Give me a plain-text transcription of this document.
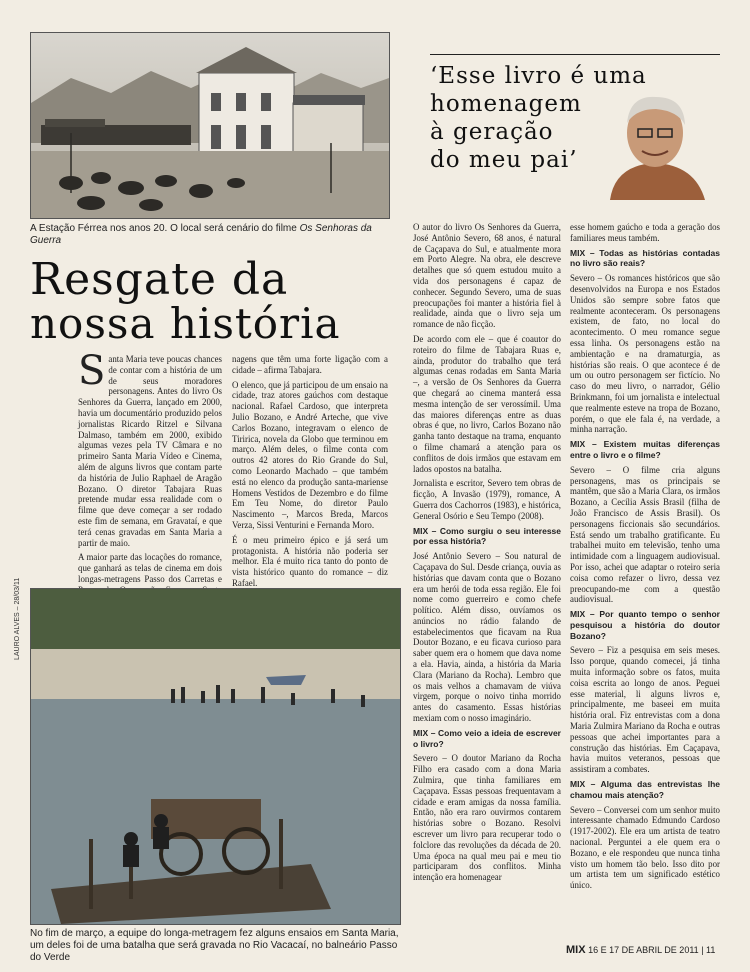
A Estação Férrea nos anos 20. O local será cenário do filme Os Senhoras da Guerra
‘Esse livro é uma
homenagem
à geração
do meu pai’
Resgate da
nossa história

Santa Maria teve poucas chances de contar com a história de um de seus moradores personagens. Antes do livro Os Senhores da Guerra, lançado em 2000, havia um documentário produzido pelos jornalistas Ricardo Ritzel e Silvana Dalmaso, também em 2000, exibido algumas vezes pela TV Câmara e no primeiro Santa Maria Vídeo e Cinema, além de alguns livros que contam parte da história de Julio Raphael de Aragão Bozano. O diretor Tabajara Ruas pretende mudar essa realidade com o filme que deve começar a ser rodado este fim de semana, em Gravataí, e que terá cenas gravadas em Santa Maria a partir de maio.

A maior parte das locações do romance, que ganhará as telas de cinema em dois longas-metragens Passo dos Carretas e

nagens que têm uma forte ligação com a cidade – afirma Tabajara.

O elenco, que já participou de um ensaio na cidade, traz atores gaúchos com destaque nacional. Rafael Cardoso, que interpreta Julio Bozano, e André Arteche, que vive Carlos Bozano, integravam o elenco de Tiririca, novela da Globo que terminou em março. Além deles, o filme conta com outros 42 atores do Rio Grande do Sul, como Leonardo Machado – que também está no elenco da produção santa-mariense Homens Vestidos de Dezembro e do filme Em Teu Nome, do diretor Paulo Nascimento –, Marcos Breda, Marcos Verza, Sissi Venturini e Fernanda Moro.

É o meu primeiro épico e já será um protagonista. A história não poderia ser melhor. Ela é muito rica tanto do ponto de vista histórico quanto do romance – diz Rafael.

LAURO ALVES – 28/03/11
No fim de março, a equipe do longa-metragem fez alguns ensaios em Santa Maria, um deles foi de uma batalha que será gravada no Rio Vacacaí, no balneário Passo do Verde

O autor do livro Os Senhores da Guerra, José Antônio Severo, 68 anos, é natural de Caçapava do Sul, e atualmente mora em Porto Alegre. Na obra, ele descreve detalhes que só quem estudou muito a vida dos personagens é capaz de conhecer. Segundo Severo, uma de suas preocupações foi manter a história fiel à realidade, ainda que o livro seja um romance de não ficção.

De acordo com ele – que é coautor do roteiro do filme de Tabajara Ruas e, ainda, produtor do trabalho que terá algumas cenas rodadas em Santa Maria –, a versão de Os Senhores da Guerra que chegará ao cinema manterá essa mesma intenção de ser verossímil. Uma das maiores diferenças entre as duas obras é que, no livro, Carlos Bozano não ganha tanto destaque na trama, enquanto o filme chamará a atenção para os conflitos de dois irmãos que estavam em lados opostos na batalha.

Jornalista e escritor, Severo tem obras de ficção, A Invasão (1979), romance, A Guerra dos Cachorros (1983), e histórica, General Osório e Seu Tempo (2008).

MIX – Como surgiu o seu interesse por essa história?

José Antônio Severo – Sou natural de Caçapava do Sul. Desde criança, ouvia as histórias que davam conta que o Bozano era um herói de toda essa região. Ele foi nome como guerreiro e como chefe político. Além disso, ouvíamos os anúncios no rádio falando de estabelecimentos que ficavam na Rua Doutor Bozano, e eu ficava curioso para saber quem era o homem que dava nome a ela. Havia, ainda, a história da Maria Clara (Mariano da Rocha). Lembro que os mais velhos a chamavam de viúva virgem, porque o noivo tinha morrido antes do casamento. Essas histórias mexiam com o nosso imaginário.

MIX – Como veio a ideia de escrever o livro?

Severo – O doutor Mariano da Rocha Filho era casado com a dona Maria Zulmira, que tinha familiares em Caçapava. Essas pessoas frequentavam a cidade e eram amigas da nossa família. Então, não era raro ouvirmos contarem histórias sobre o Bozano. Resolvi escrever um livro para recuperar todo o folclore das revoluções da década de 20. Uma época na qual meu pai e meu tio participaram dos conflitos. Minha intenção era homenagear

esse homem gaúcho e toda a geração dos familiares meus também.

MIX – Todas as histórias contadas no livro são reais?

Severo – Os romances históricos que são desenvolvidos na Europa e nos Estados Unidos são sempre sobre fatos que realmente aconteceram. Os personagens existem, de fato, no local do acontecimento. O meu romance segue essa linha. Os personagens estão na ambientação e na dramaturgia, as histórias são reais. O que acontece é de um ou outro personagem ser fictício. No caso do meu livro, o narrador, Gélio Brinkmann, foi um jornalista e intelectual que realmente esteve na tropa de Bozano, porém, o que ele fala é, na verdade, a minha narração.

MIX – Existem muitas diferenças entre o livro e o filme?

Severo – O filme cria alguns personagens, mas os principais se mantêm, que são a Maria Clara, os irmãos Bozano, a Cecília Assis Brasil (filha de João Francisco de Assis Brasil). Os personagens ficcionais são secundários. Está sendo um trabalho gratificante. Eu trabalhei muito em televisão, tenho uma intimidade com a linguagem audiovisual. Por isso, achei que adaptar o roteiro seria coisa como refazer o livro, dessa vez preocupando-me com a questão audiovisual.

MIX – Por quanto tempo o senhor pesquisou a história do doutor Bozano?

Severo – Fiz a pesquisa em seis meses. Isso porque, quando comecei, já tinha muita informação sobre os fatos, muita coisa escrita ao longo de anos. Peguei esse material, li alguns livros e, principalmente, me baseei em muita história oral. Fiz entrevistas com a dona Maria Zulmira Mariano da Rocha e outras pessoas que achei importantes para a construção das histórias. Em Caçapava, havia muitos veteranos, pessoas que assistiram a combates.

MIX – Alguma das entrevistas lhe chamou mais atenção?

Severo – Conversei com um senhor muito interessante chamado Edmundo Cardoso (1917-2002). Ele era um artista de teatro nacional. Perguntei a ele quem era o Bozano, e ele respondeu que nunca tinha visto um homem tão belo. Isso dito por um artista tem um significado estético único.

MIX 16 E 17 DE ABRIL DE 2011 | 11
